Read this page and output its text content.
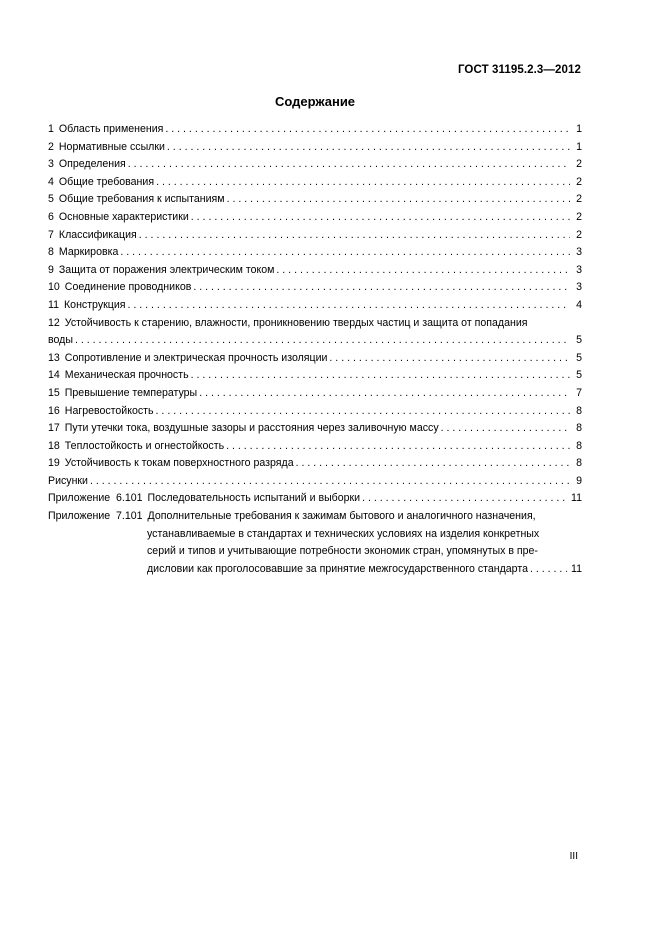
ГОСТ 31195.2.3—2012
Содержание
1 Область применения . . .	1
2 Нормативные ссылки . . .	1
3 Определения . . .	2
4 Общие требования . . .	2
5 Общие требования к испытаниям . . .	2
6 Основные характеристики . . .	2
7 Классификация . . .	2
8 Маркировка . . .	3
9 Защита от поражения электрическим током . . .	3
10 Соединение проводников . . .	3
11 Конструкция . . .	4
12 Устойчивость к старению, влажности, проникновению твердых частиц и защита от попадания
воды . . .	5
13 Сопротивление и электрическая прочность изоляции . . .	5
14 Механическая прочность . . .	5
15 Превышение температуры . . .	7
16 Нагревостойкость . . .	8
17 Пути утечки тока, воздушные зазоры и расстояния через заливочную массу . . .	8
18 Теплостойкость и огнестойкость . . .	8
19 Устойчивость к токам поверхностного разряда . . .	8
Рисунки . . .	9
Приложение  6.101 Последовательность испытаний и выборки . . .	11
Приложение  7.101 Дополнительные требования к зажимам бытового и аналогичного назначения,
устанавливаемые в стандартах и технических условиях на изделия конкретных
серий и типов и учитывающие потребности экономик стран, упомянутых в пре-
дисловии как проголосовавшие за принятие межгосударственного стандарта . . .	11
III
